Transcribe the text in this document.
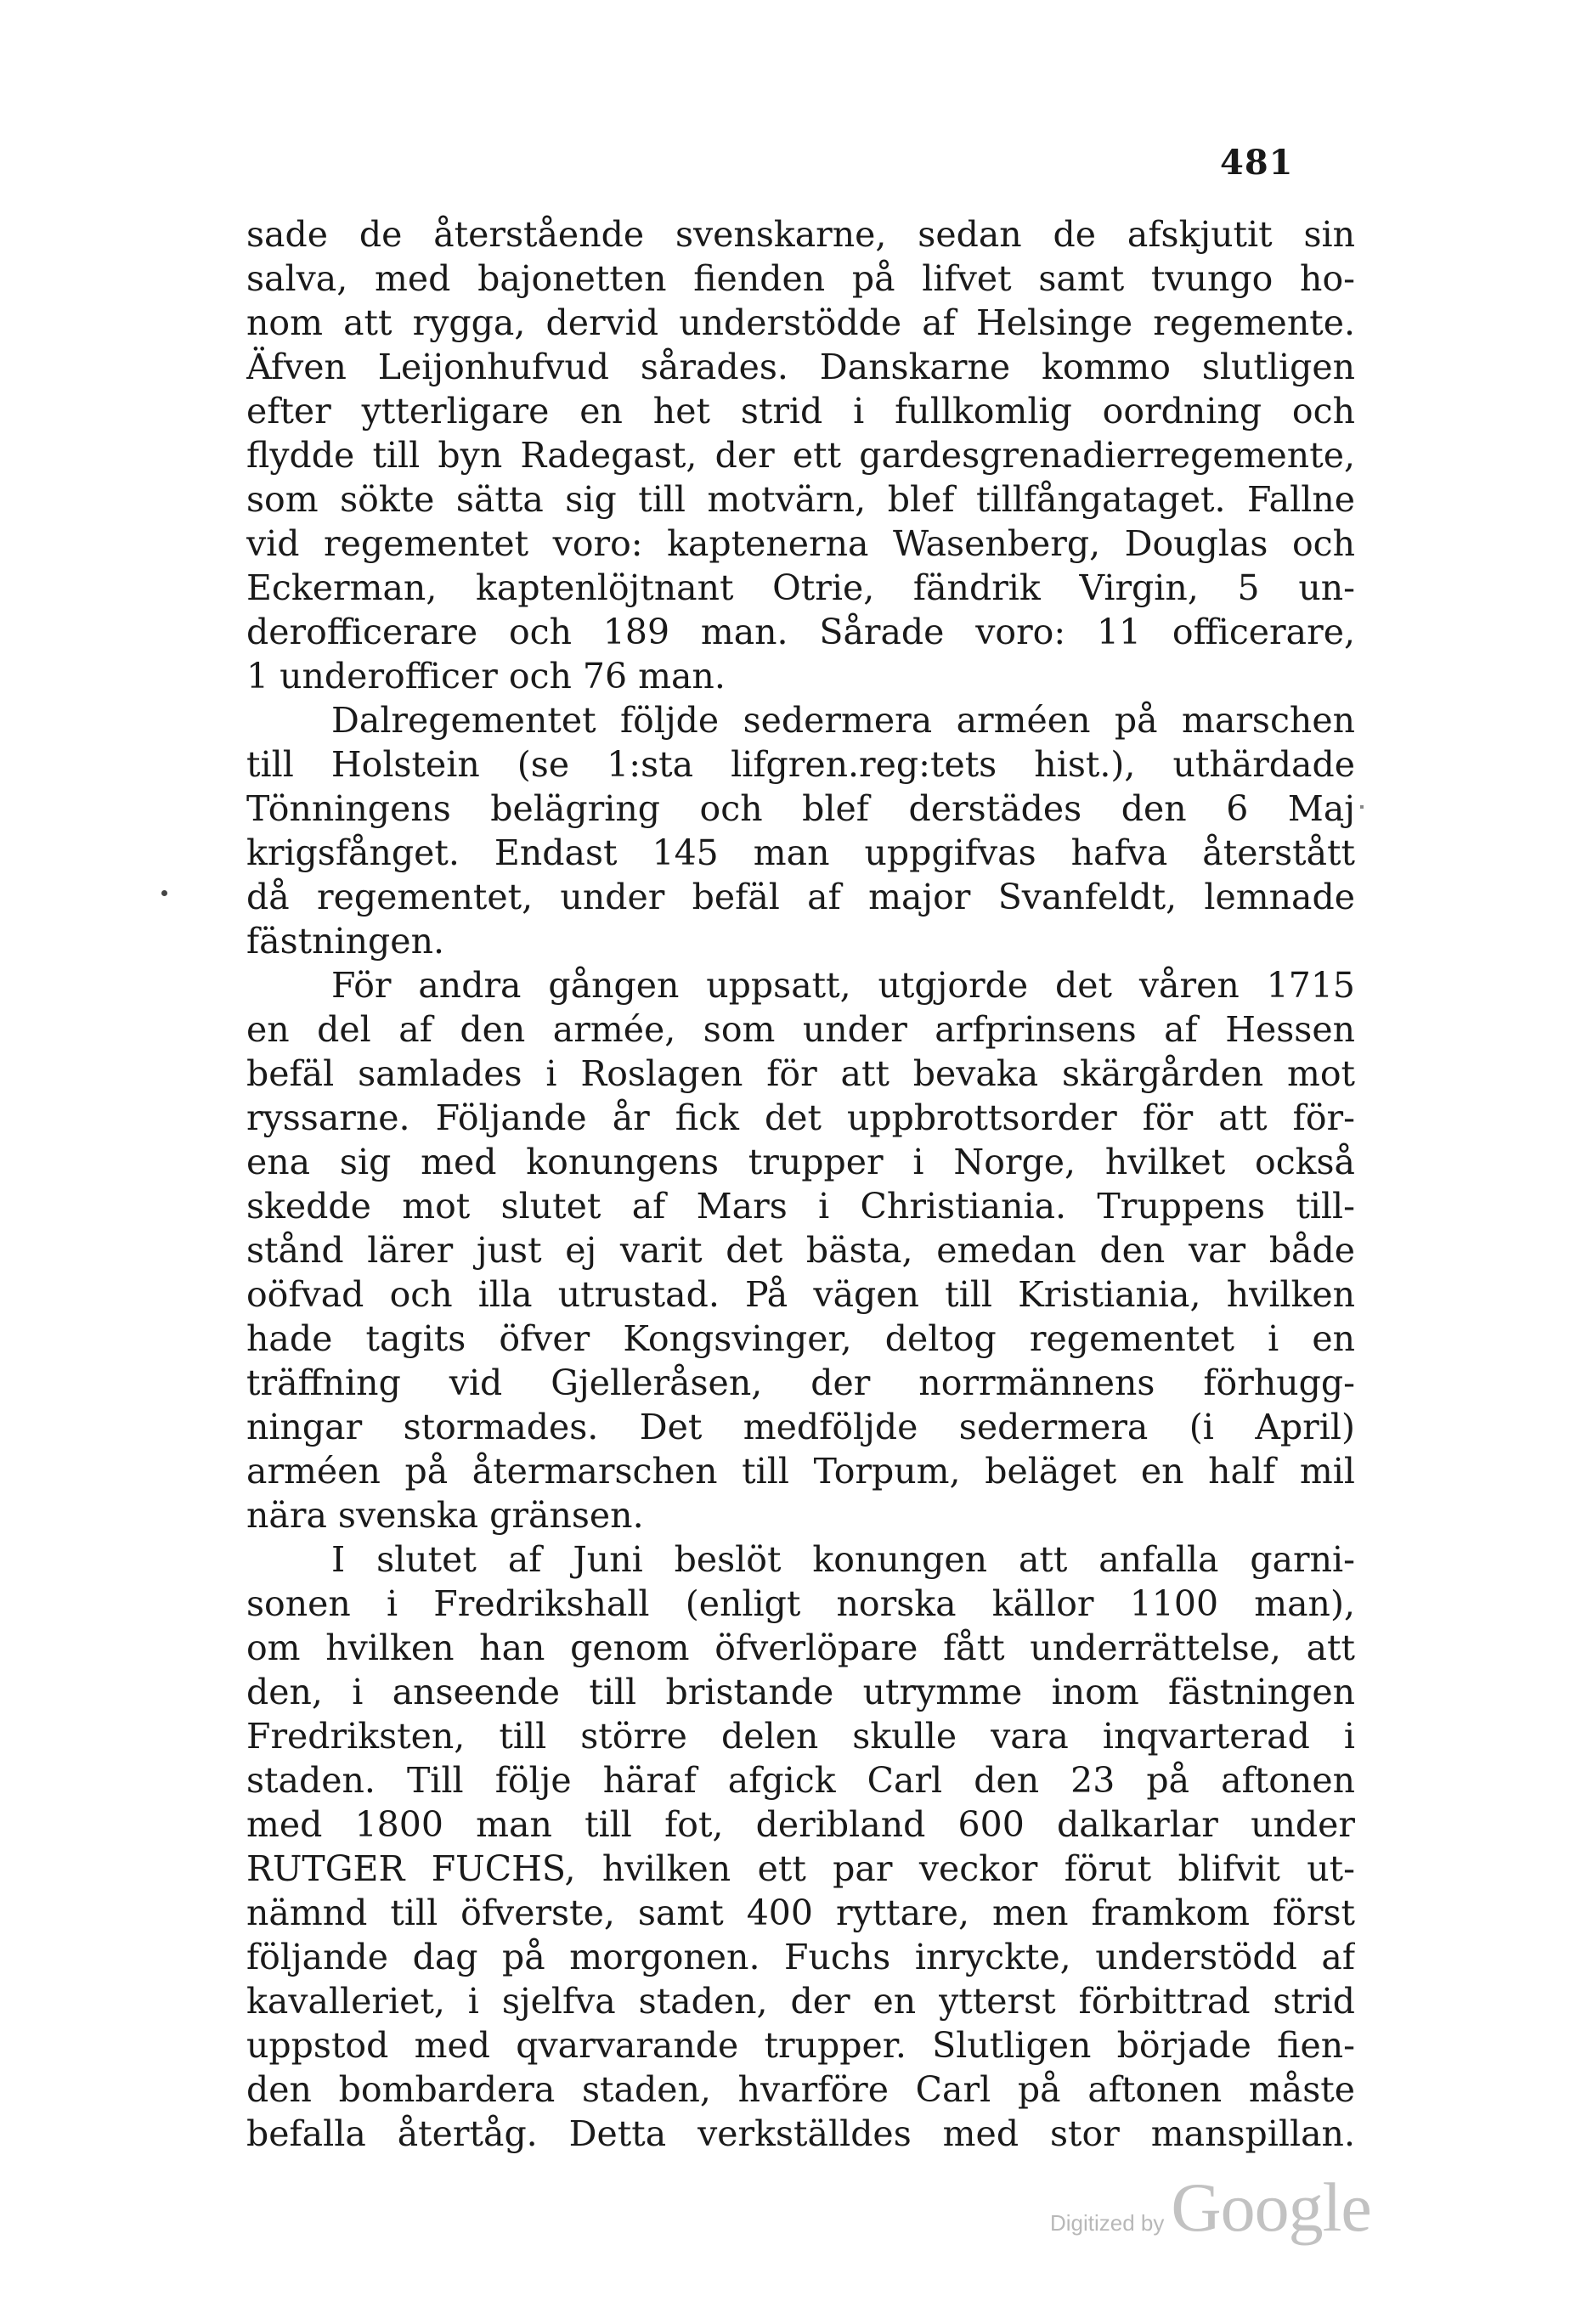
481
sade de återstående svenskarne, sedan de afskjutit sin
salva, med bajonetten fienden på lifvet samt tvungo ho-
nom att rygga, dervid understödde af Helsinge regemente.
Äfven Leijonhufvud sårades. Danskarne kommo slutligen
efter ytterligare en het strid i fullkomlig oordning och
flydde till byn Radegast, der ett gardesgrenadierregemente,
som sökte sätta sig till motvärn, blef tillfångataget. Fallne
vid regementet voro: kaptenerna Wasenberg, Douglas och
Eckerman, kaptenlöjtnant Otrie, fändrik Virgin, 5 un-
derofficerare och 189 man. Sårade voro: 11 officerare,
1 underofficer och 76 man.
Dalregementet följde sedermera arméen på marschen
till Holstein (se 1:sta lifgren.reg:tets hist.), uthärdade
Tönningens belägring och blef derstädes den 6 Maj
krigsfånget. Endast 145 man uppgifvas hafva återstått
då regementet, under befäl af major Svanfeldt, lemnade
fästningen.
För andra gången uppsatt, utgjorde det våren 1715
en del af den armée, som under arfprinsens af Hessen
befäl samlades i Roslagen för att bevaka skärgården mot
ryssarne. Följande år fick det uppbrottsorder för att för-
ena sig med konungens trupper i Norge, hvilket också
skedde mot slutet af Mars i Christiania. Truppens till-
stånd lärer just ej varit det bästa, emedan den var både
oöfvad och illa utrustad. På vägen till Kristiania, hvilken
hade tagits öfver Kongsvinger, deltog regementet i en
träffning vid Gjelleråsen, der norrmännens förhugg-
ningar stormades. Det medföljde sedermera (i April)
arméen på återmarschen till Torpum, beläget en half mil
nära svenska gränsen.
I slutet af Juni beslöt konungen att anfalla garni-
sonen i Fredrikshall (enligt norska källor 1100 man),
om hvilken han genom öfverlöpare fått underrättelse, att
den, i anseende till bristande utrymme inom fästningen
Fredriksten, till större delen skulle vara inqvarterad i
staden. Till följe häraf afgick Carl den 23 på aftonen
med 1800 man till fot, deribland 600 dalkarlar under
RUTGER FUCHS, hvilken ett par veckor förut blifvit ut-
nämnd till öfverste, samt 400 ryttare, men framkom först
följande dag på morgonen. Fuchs inryckte, understödd af
kavalleriet, i sjelfva staden, der en ytterst förbittrad strid
uppstod med qvarvarande trupper. Slutligen började fien-
den bombardera staden, hvarföre Carl på aftonen måste
befalla återtåg. Detta verkställdes med stor manspillan.
Digitized by Google
